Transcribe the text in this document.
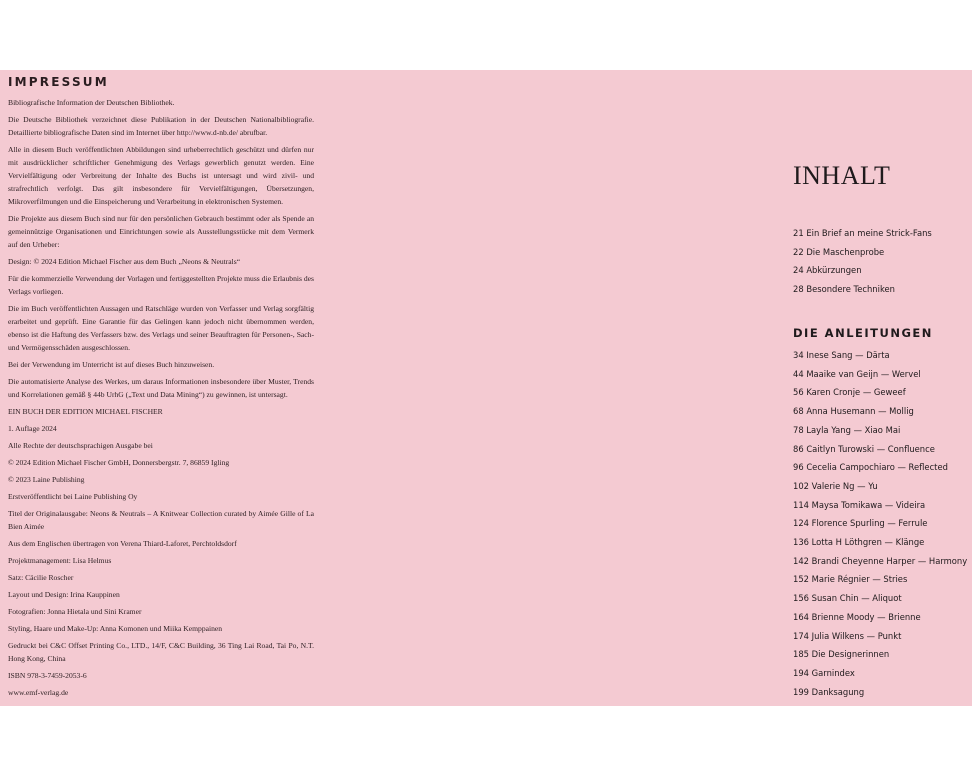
IMPRESSUM

Bibliografische Information der Deutschen Bibliothek.

Die Deutsche Bibliothek verzeichnet diese Publikation in der Deutschen Nationalbibliografie. Detaillierte bibliografische Daten sind im Internet über http://www.d-nb.de/ abrufbar.

Alle in diesem Buch veröffentlichten Abbildungen sind urheberrechtlich geschützt und dürfen nur mit ausdrücklicher schriftlicher Genehmigung des Verlags gewerblich genutzt werden. Eine Vervielfältigung oder Verbreitung der Inhalte des Buchs ist untersagt und wird zivil- und strafrechtlich verfolgt. Das gilt insbesondere für Vervielfältigungen, Übersetzungen, Mikroverfilmungen und die Einspeicherung und Verarbeitung in elektronischen Systemen.

Die Projekte aus diesem Buch sind nur für den persönlichen Gebrauch bestimmt oder als Spende an gemeinnützige Organisationen und Einrichtungen sowie als Ausstellungsstücke mit dem Vermerk auf den Urheber:

Design: © 2024 Edition Michael Fischer aus dem Buch „Neons & Neutrals“

Für die kommerzielle Verwendung der Vorlagen und fertiggestellten Projekte muss die Erlaubnis des Verlags vorliegen.

Die im Buch veröffentlichten Aussagen und Ratschläge wurden von Verfasser und Verlag sorgfältig erarbeitet und geprüft. Eine Garantie für das Gelingen kann jedoch nicht übernommen werden, ebenso ist die Haftung des Verfassers bzw. des Verlags und seiner Beauftragten für Personen-, Sach- und Vermögensschäden ausgeschlossen.

Bei der Verwendung im Unterricht ist auf dieses Buch hinzuweisen.

Die automatisierte Analyse des Werkes, um daraus Informationen insbesondere über Muster, Trends und Korrelationen gemäß § 44b UrhG („Text und Data Mining“) zu gewinnen, ist untersagt.

EIN BUCH DER EDITION MICHAEL FISCHER

1. Auflage 2024

Alle Rechte der deutschsprachigen Ausgabe bei

© 2024 Edition Michael Fischer GmbH, Donnersbergstr. 7, 86859 Igling

© 2023 Laine Publishing

Erstveröffentlicht bei Laine Publishing Oy

Titel der Originalausgabe: Neons & Neutrals – A Knitwear Collection curated by Aimée Gille of La Bien Aimée

Aus dem Englischen übertragen von Verena Thiard-Laforet, Perchtoldsdorf

Projektmanagement: Lisa Helmus

Satz: Cäcilie Roscher

Layout und Design: Irina Kauppinen

Fotografien: Jonna Hietala und Sini Kramer

Styling, Haare und Make-Up: Anna Komonen und Miika Kemppainen

Gedruckt bei C&C Offset Printing Co., LTD., 14/F, C&C Building, 36 Ting Lai Road, Tai Po, N.T. Hong Kong, China

ISBN 978-3-7459-2053-6

www.emf-verlag.de

INHALT
21 Ein Brief an meine Strick-Fans
22 Die Maschenprobe
24 Abkürzungen
28 Besondere Techniken
DIE ANLEITUNGEN
34 Inese Sang — Därta
44 Maaike van Geijn — Wervel
56 Karen Cronje — Geweef
68 Anna Husemann — Mollig
78 Layla Yang — Xiao Mai
86 Caitlyn Turowski — Confluence
96 Cecelia Campochiaro — Reflected
102 Valerie Ng — Yu
114 Maysa Tomikawa — Videira
124 Florence Spurling — Ferrule
136 Lotta H Löthgren — Klänge
142 Brandi Cheyenne Harper — Harmony
152 Marie Régnier — Stries
156 Susan Chin — Aliquot
164 Brienne Moody — Brienne
174 Julia Wilkens — Punkt
185 Die Designerinnen
194 Garnindex
199 Danksagung
